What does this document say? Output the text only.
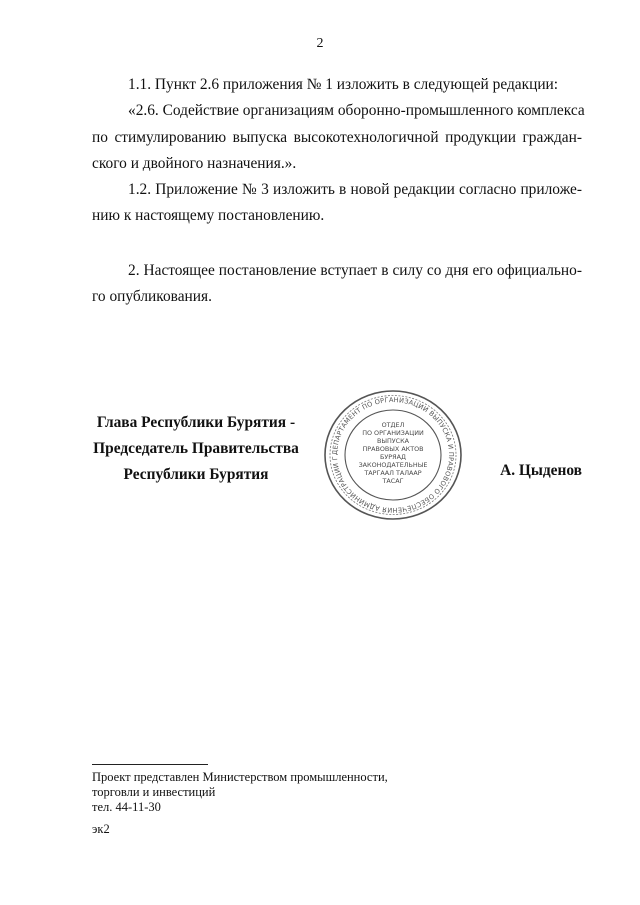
2

1.1. Пункт 2.6 приложения № 1 изложить в следующей редакции:

«2.6. Содействие организациям оборонно-промышленного комплекса
по стимулированию выпуска высокотехнологичной продукции граждан-
ского и двойного назначения.».

1.2. Приложение № 3 изложить в новой редакции согласно приложе-
нию к настоящему постановлению.

2. Настоящее постановление вступает в силу со дня его официально-
го опубликования.

Глава Республики Бурятия -
Председатель Правительства
Республики Бурятия
ДЕПАРТАМЕНТ ПО ОРГАНИЗАЦИИ ВЫПУСКА И ПРАВОВОГО ОБЕСПЕЧЕНИЯ АДМИНИСТРАЦИИ Г
ОТДЕЛ
ПО ОРГАНИЗАЦИИ
ВЫПУСКА
ПРАВОВЫХ АКТОВ
БУРЯАД
ЗАКОНОДАТЕЛЬНЫЕ
ТАРГААЛ ТАЛААР
ТАСАГ
А. Цыденов
Проект представлен Министерством промышленности,
торговли и инвестиций
тел. 44-11-30
эк2
